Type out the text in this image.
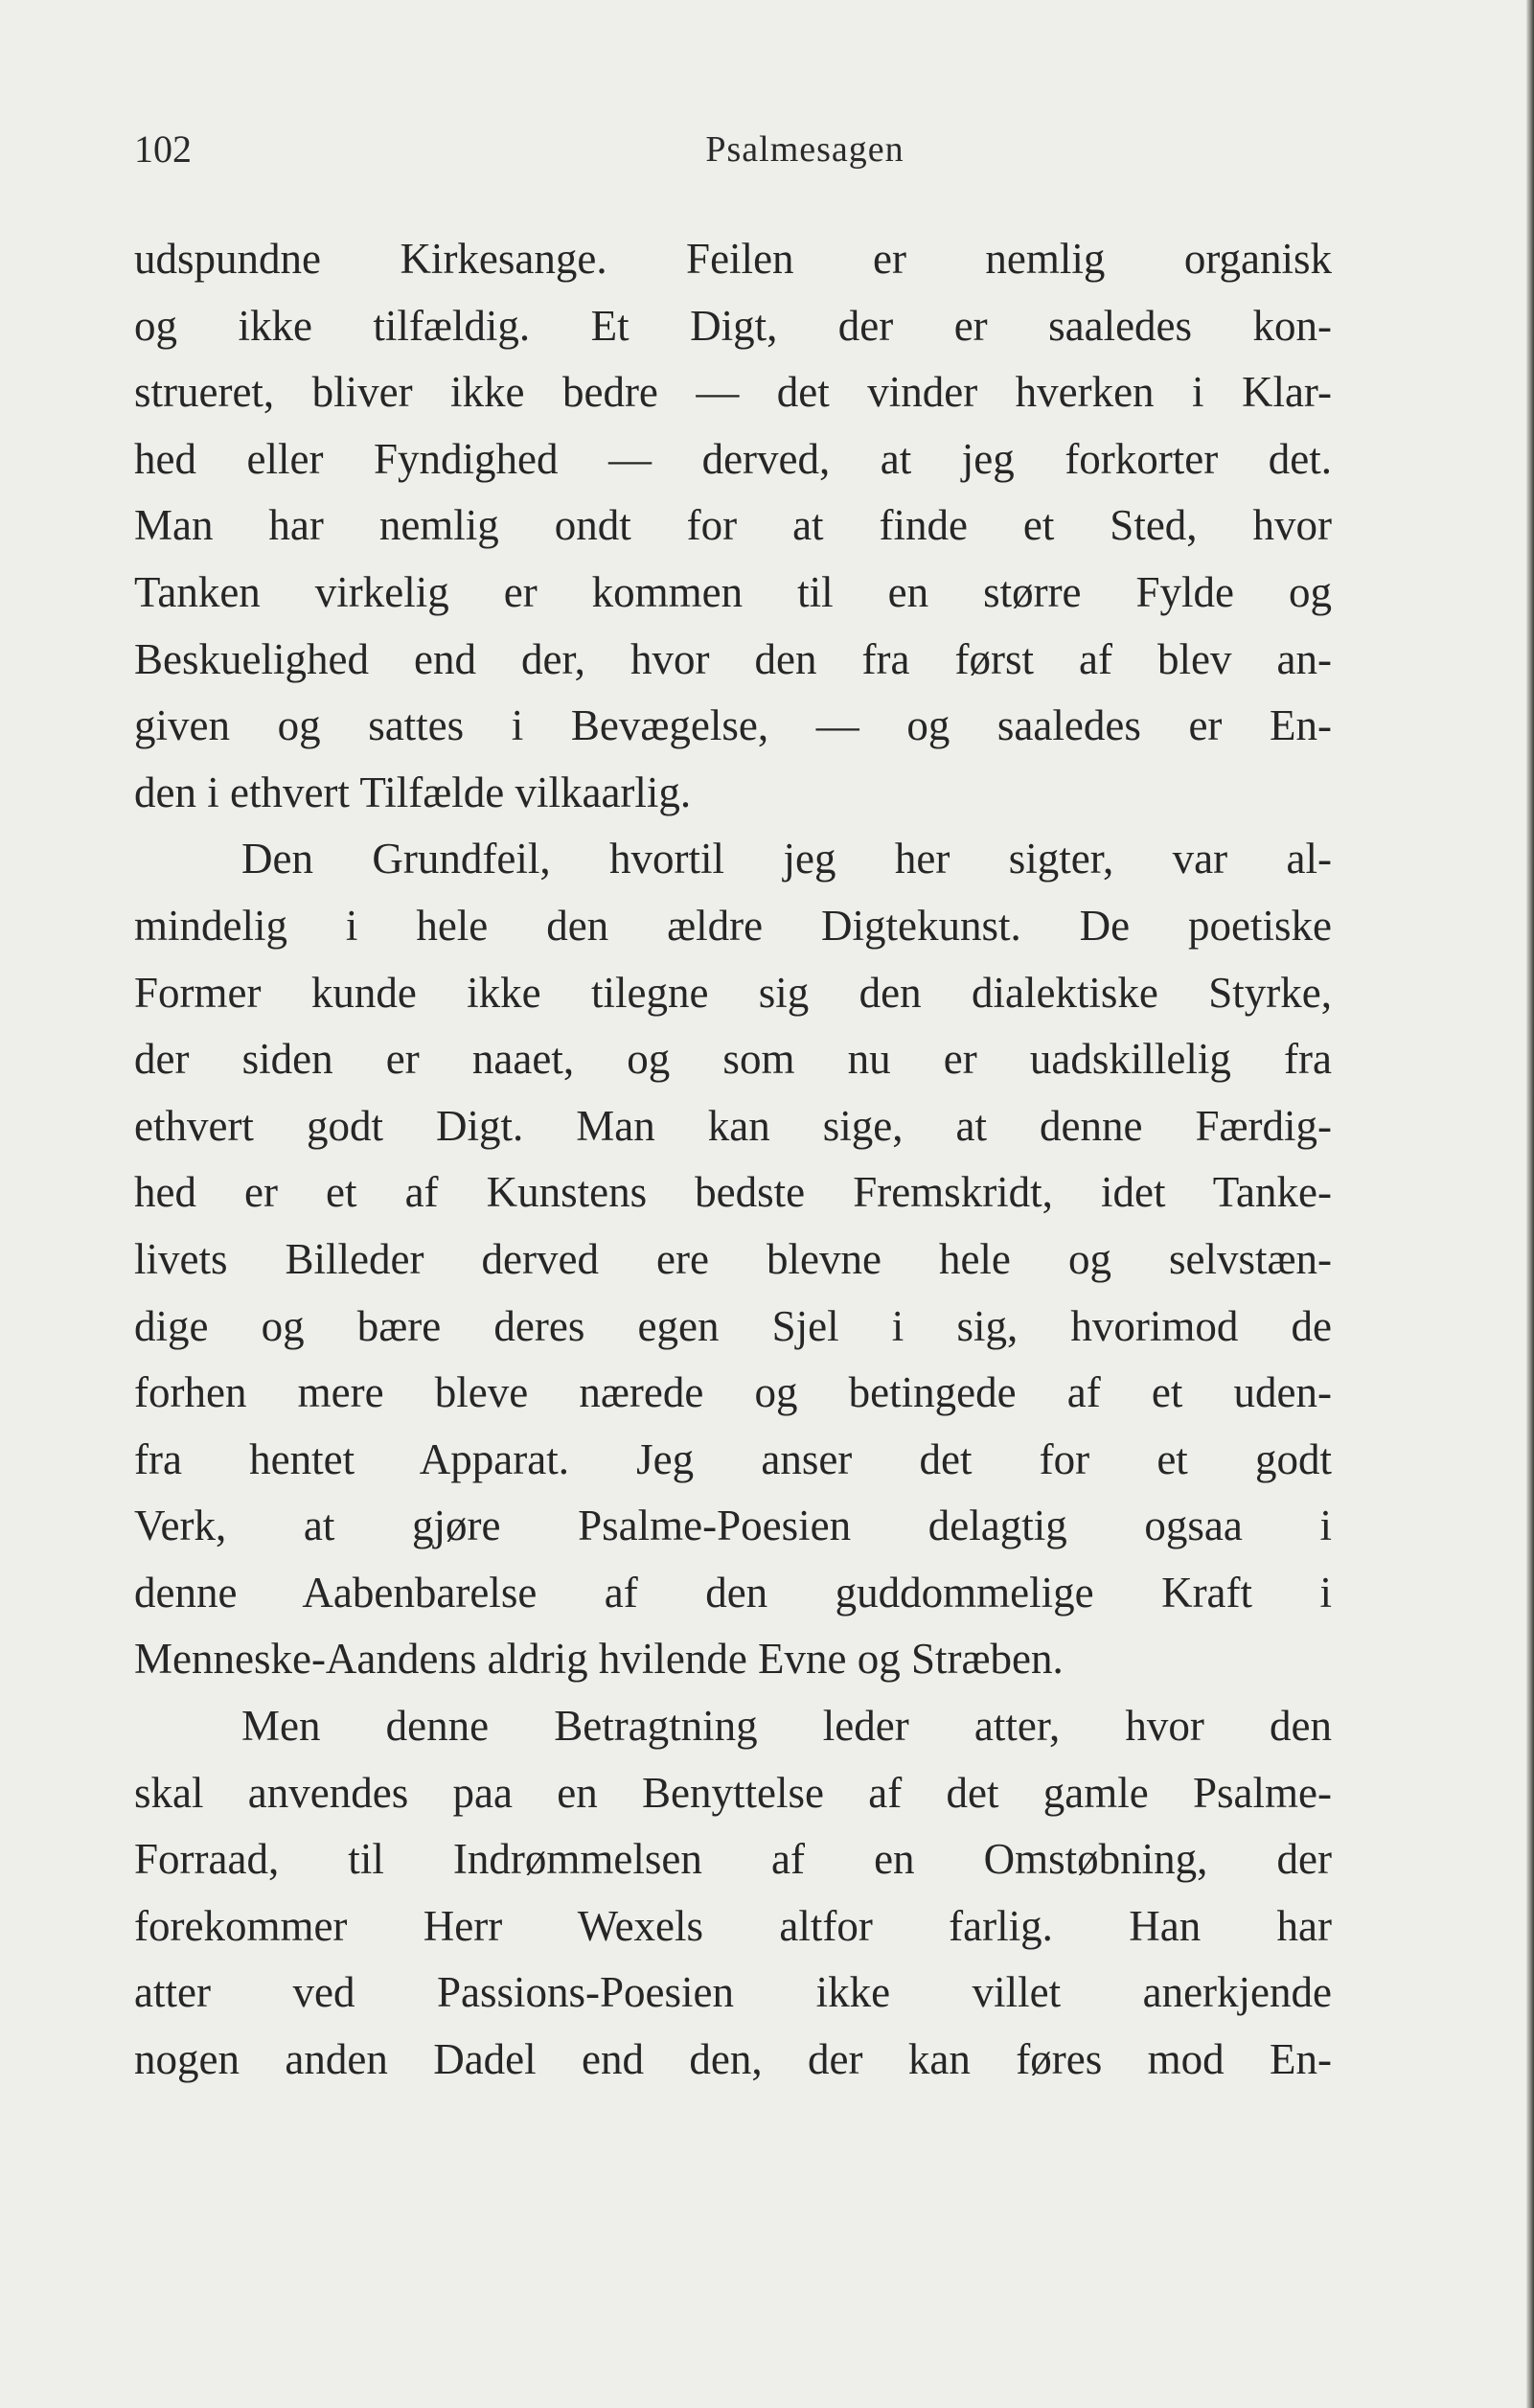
102	Psalmesagen
udspundne Kirkesange. Feilen er nemlig organisk
og ikke tilfældig. Et Digt, der er saaledes kon-
strueret, bliver ikke bedre — det vinder hverken i Klar-
hed eller Fyndighed — derved, at jeg forkorter det.
Man har nemlig ondt for at finde et Sted, hvor
Tanken virkelig er kommen til en større Fylde og
Beskuelighed end der, hvor den fra først af blev an-
given og sattes i Bevægelse, — og saaledes er En-
den i ethvert Tilfælde vilkaarlig.
Den Grundfeil, hvortil jeg her sigter, var al-
mindelig i hele den ældre Digtekunst. De poetiske
Former kunde ikke tilegne sig den dialektiske Styrke,
der siden er naaet, og som nu er uadskillelig fra
ethvert godt Digt. Man kan sige, at denne Færdig-
hed er et af Kunstens bedste Fremskridt, idet Tanke-
livets Billeder derved ere blevne hele og selvstæn-
dige og bære deres egen Sjel i sig, hvorimod de
forhen mere bleve nærede og betingede af et uden-
fra hentet Apparat. Jeg anser det for et godt
Verk, at gjøre Psalme-Poesien delagtig ogsaa i
denne Aabenbarelse af den guddommelige Kraft i
Menneske-Aandens aldrig hvilende Evne og Stræben.
Men denne Betragtning leder atter, hvor den
skal anvendes paa en Benyttelse af det gamle Psalme-
Forraad, til Indrømmelsen af en Omstøbning, der
forekommer Herr Wexels altfor farlig. Han har
atter ved Passions-Poesien ikke villet anerkjende
nogen anden Dadel end den, der kan føres mod En-
